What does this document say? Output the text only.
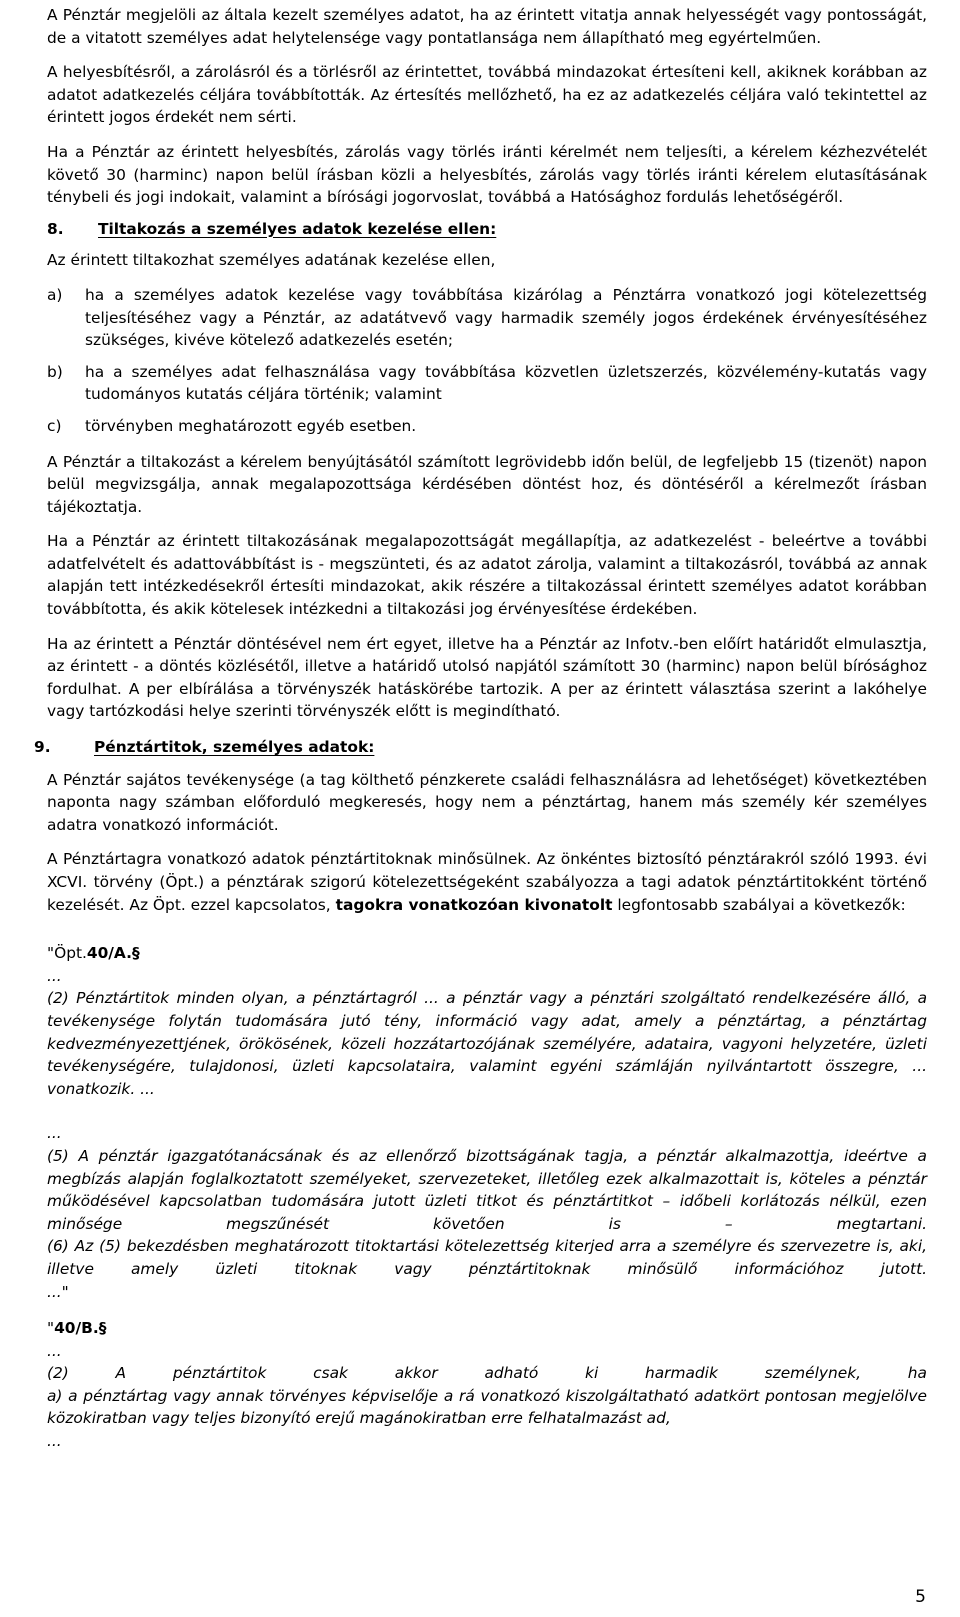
A Pénztár megjelöli az általa kezelt személyes adatot, ha az érintett vitatja annak helyességét vagy pontosságát, de a vitatott személyes adat helytelensége vagy pontatlansága nem állapítható meg egyértelműen.

A helyesbítésről, a zárolásról és a törlésről az érintettet, továbbá mindazokat értesíteni kell, akiknek korábban az adatot adatkezelés céljára továbbították. Az értesítés mellőzhető, ha ez az adatkezelés céljára való tekintettel az érintett jogos érdekét nem sérti.

Ha a Pénztár az érintett helyesbítés, zárolás vagy törlés iránti kérelmét nem teljesíti, a kérelem kézhezvételét követő 30 (harminc) napon belül írásban közli a helyesbítés, zárolás vagy törlés iránti kérelem elutasításának ténybeli és jogi indokait, valamint a bírósági jogorvoslat, továbbá a Hatósághoz fordulás lehetőségéről.

8.	Tiltakozás a személyes adatok kezelése ellen:

Az érintett tiltakozhat személyes adatának kezelése ellen,

a)	ha a személyes adatok kezelése vagy továbbítása kizárólag a Pénztárra vonatkozó jogi kötelezettség teljesítéséhez vagy a Pénztár, az adatátvevő vagy harmadik személy jogos érdekének érvényesítéséhez szükséges, kivéve kötelező adatkezelés esetén;
b)	ha a személyes adat felhasználása vagy továbbítása közvetlen üzletszerzés, közvélemény-kutatás vagy tudományos kutatás céljára történik; valamint
c)	törvényben meghatározott egyéb esetben.

A Pénztár a tiltakozást a kérelem benyújtásától számított legrövidebb időn belül, de legfeljebb 15 (tizenöt) napon belül megvizsgálja, annak megalapozottsága kérdésében döntést hoz, és döntéséről a kérelmezőt írásban tájékoztatja.

Ha a Pénztár az érintett tiltakozásának megalapozottságát megállapítja, az adatkezelést - beleértve a további adatfelvételt és adattovábbítást is - megszünteti, és az adatot zárolja, valamint a tiltakozásról, továbbá az annak alapján tett intézkedésekről értesíti mindazokat, akik részére a tiltakozással érintett személyes adatot korábban továbbította, és akik kötelesek intézkedni a tiltakozási jog érvényesítése érdekében.

Ha az érintett a Pénztár döntésével nem ért egyet, illetve ha a Pénztár az Infotv.-ben előírt határidőt elmulasztja, az érintett - a döntés közlésétől, illetve a határidő utolsó napjától számított 30 (harminc) napon belül bírósághoz fordulhat. A per elbírálása a törvényszék hatáskörébe tartozik. A per az érintett választása szerint a lakóhelye vagy tartózkodási helye szerinti törvényszék előtt is megindítható.

9.	Pénztártitok, személyes adatok:

A Pénztár sajátos tevékenysége (a tag költhető pénzkerete családi felhasználásra ad lehetőséget) következtében naponta nagy számban előforduló megkeresés, hogy nem a pénztártag, hanem más személy kér személyes adatra vonatkozó információt.

A Pénztártagra vonatkozó adatok pénztártitoknak minősülnek. Az önkéntes biztosító pénztárakról szóló 1993. évi XCVI. törvény (Öpt.) a pénztárak szigorú kötelezettségeként szabályozza a tagi adatok pénztártitokként történő kezelését. Az Öpt. ezzel kapcsolatos, tagokra vonatkozóan kivonatolt legfontosabb szabályai a következők:

"Öpt.40/A.§

...

(2) Pénztártitok minden olyan, a pénztártagról ... a pénztár vagy a pénztári szolgáltató rendelkezésére álló, a tevékenysége folytán tudomására jutó tény, információ vagy adat, amely a pénztártag, a pénztártag kedvezményezettjének, örökösének, közeli hozzátartozójának személyére, adataira, vagyoni helyzetére, üzleti tevékenységére, tulajdonosi, üzleti kapcsolataira, valamint egyéni számláján nyilvántartott összegre, ... vonatkozik. ...

...

(5) A pénztár igazgatótanácsának és az ellenőrző bizottságának tagja, a pénztár alkalmazottja, ideértve a megbízás alapján foglalkoztatott személyeket, szervezeteket, illetőleg ezek alkalmazottait is, köteles a pénztár működésével kapcsolatban tudomására jutott üzleti titkot és pénztártitkot – időbeli korlátozás nélkül, ezen minősége megszűnését követően is – megtartani.

(6) Az (5) bekezdésben meghatározott titoktartási kötelezettség kiterjed arra a személyre és szervezetre is, aki, illetve amely üzleti titoknak vagy pénztártitoknak minősülő információhoz jutott.

..."

"40/B.§

...

(2) A pénztártitok csak akkor adható ki harmadik személynek, ha

a) a pénztártag vagy annak törvényes képviselője a rá vonatkozó kiszolgáltatható adatkört pontosan megjelölve közokiratban vagy teljes bizonyító erejű magánokiratban erre felhatalmazást ad,

...

5
